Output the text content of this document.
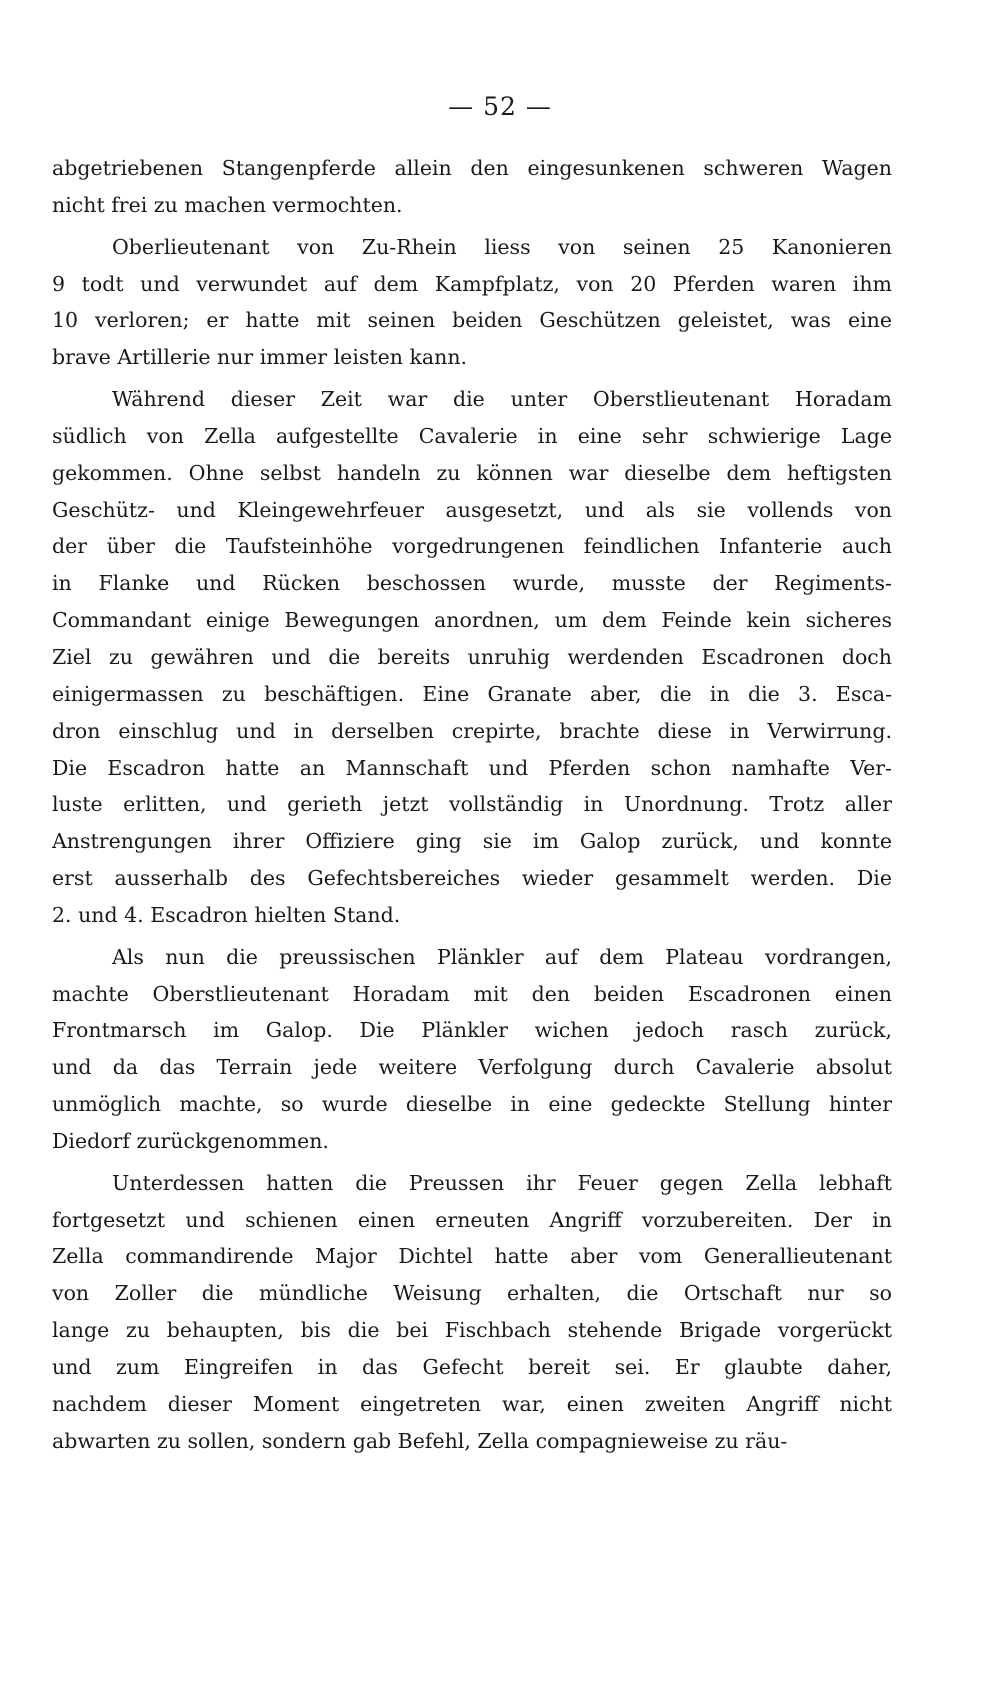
— 52 —
abgetriebenen Stangenpferde allein den eingesunkenen schweren Wagen
nicht frei zu machen vermochten.
Oberlieutenant von Zu-Rhein liess von seinen 25 Kanonieren
9 todt und verwundet auf dem Kampfplatz, von 20 Pferden waren ihm
10 verloren; er hatte mit seinen beiden Geschützen geleistet, was eine
brave Artillerie nur immer leisten kann.
Während dieser Zeit war die unter Oberstlieutenant Horadam
südlich von Zella aufgestellte Cavalerie in eine sehr schwierige Lage
gekommen. Ohne selbst handeln zu können war dieselbe dem heftigsten
Geschütz- und Kleingewehrfeuer ausgesetzt, und als sie vollends von
der über die Taufsteinhöhe vorgedrungenen feindlichen Infanterie auch
in Flanke und Rücken beschossen wurde, musste der Regiments-
Commandant einige Bewegungen anordnen, um dem Feinde kein sicheres
Ziel zu gewähren und die bereits unruhig werdenden Escadronen doch
einigermassen zu beschäftigen. Eine Granate aber, die in die 3. Esca-
dron einschlug und in derselben crepirte, brachte diese in Verwirrung.
Die Escadron hatte an Mannschaft und Pferden schon namhafte Ver-
luste erlitten, und gerieth jetzt vollständig in Unordnung. Trotz aller
Anstrengungen ihrer Offiziere ging sie im Galop zurück, und konnte
erst ausserhalb des Gefechtsbereiches wieder gesammelt werden. Die
2. und 4. Escadron hielten Stand.
Als nun die preussischen Plänkler auf dem Plateau vordrangen,
machte Oberstlieutenant Horadam mit den beiden Escadronen einen
Frontmarsch im Galop. Die Plänkler wichen jedoch rasch zurück,
und da das Terrain jede weitere Verfolgung durch Cavalerie absolut
unmöglich machte, so wurde dieselbe in eine gedeckte Stellung hinter
Diedorf zurückgenommen.
Unterdessen hatten die Preussen ihr Feuer gegen Zella lebhaft
fortgesetzt und schienen einen erneuten Angriff vorzubereiten. Der in
Zella commandirende Major Dichtel hatte aber vom Generallieutenant
von Zoller die mündliche Weisung erhalten, die Ortschaft nur so
lange zu behaupten, bis die bei Fischbach stehende Brigade vorgerückt
und zum Eingreifen in das Gefecht bereit sei. Er glaubte daher,
nachdem dieser Moment eingetreten war, einen zweiten Angriff nicht
abwarten zu sollen, sondern gab Befehl, Zella compagnieweise zu räu-
